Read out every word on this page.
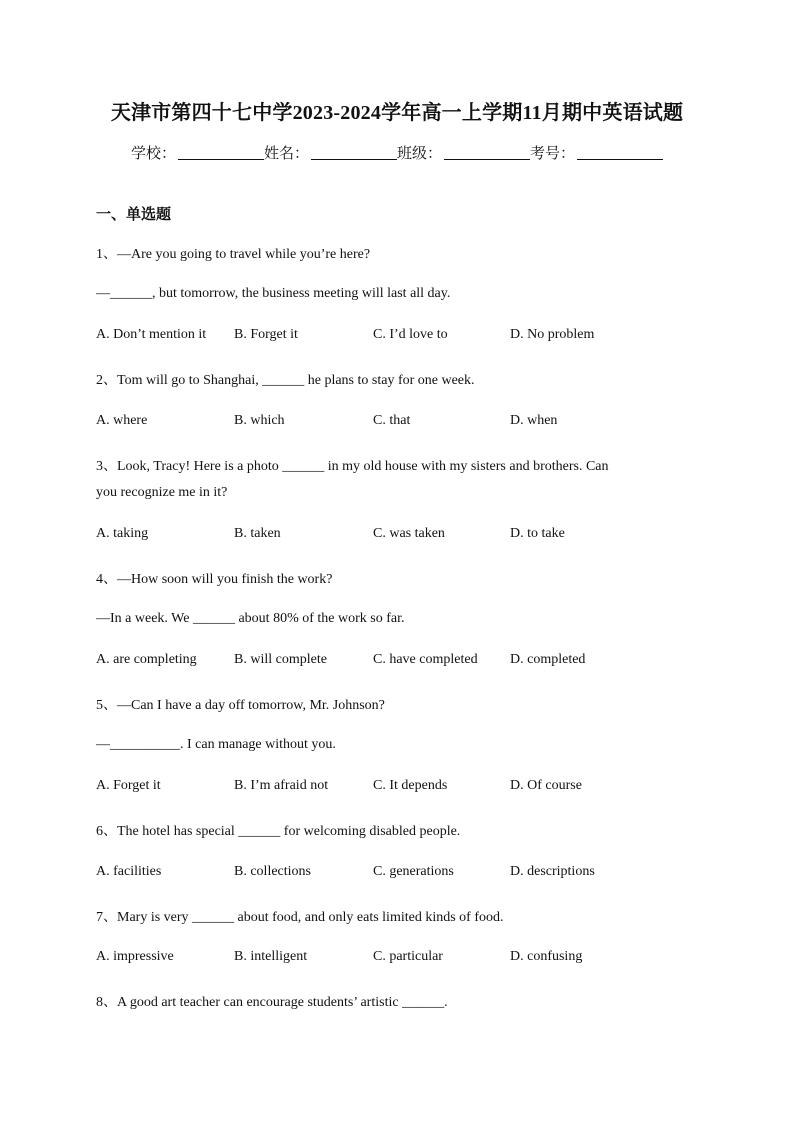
天津市第四十七中学2023-2024学年高一上学期11月期中英语试题
学校：	姓名：	班级：	考号：
一、单选题
1、—Are you going to travel while you’re here?
—______, but tomorrow, the business meeting will last all day.
A. Don’t mention it B. Forget it	C. I’d love to	D. No problem
2、Tom will go to Shanghai, ______ he plans to stay for one week.
A. where	B. which	C. that	D. when
3、Look, Tracy! Here is a photo ______ in my old house with my sisters and brothers. Can
you recognize me in it?
A. taking	B. taken	C. was taken	D. to take
4、—How soon will you finish the work?
—In a week. We ______ about 80% of the work so far.
A. are completing	B. will complete	C. have completed D. completed
5、—Can I have a day off tomorrow, Mr. Johnson?
—__________. I can manage without you.
A. Forget it	B. I’m afraid not	C. It depends	D. Of course
6、The hotel has special ______ for welcoming disabled people.
A. facilities	B. collections	C. generations	D. descriptions
7、Mary is very ______ about food, and only eats limited kinds of food.
A. impressive	B. intelligent	C. particular	D. confusing
8、A good art teacher can encourage students’ artistic ______.
